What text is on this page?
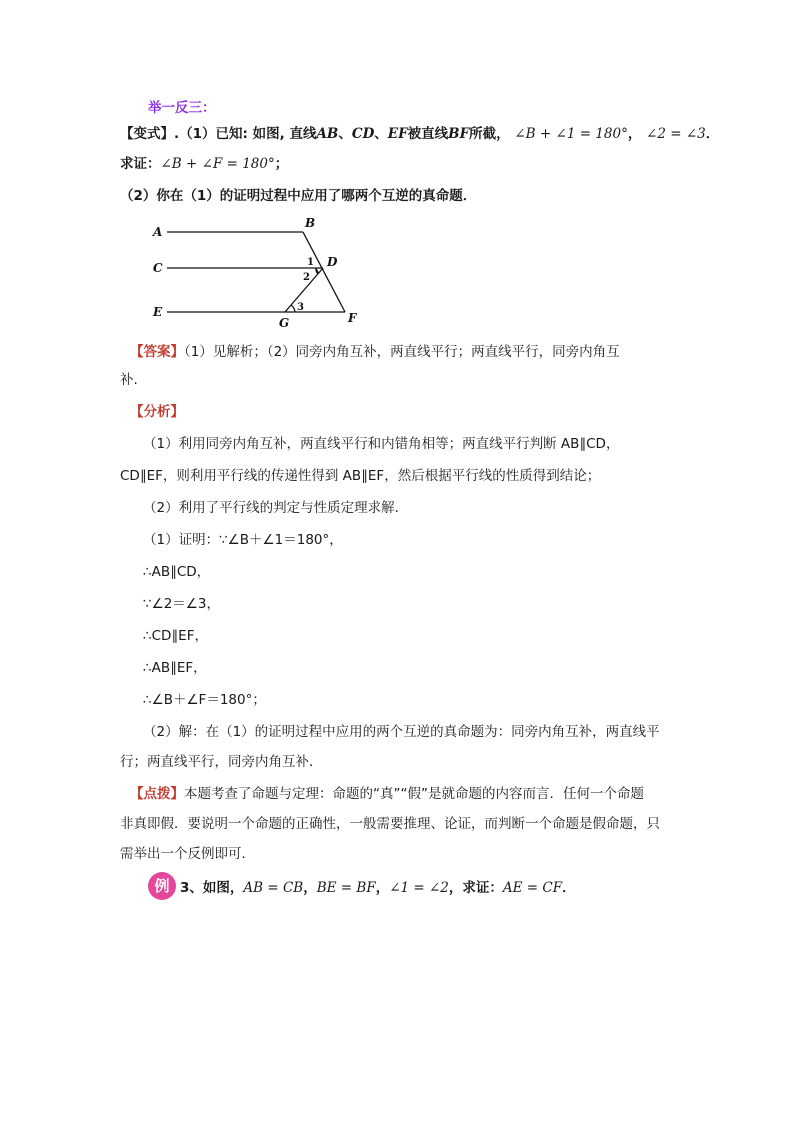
举一反三：
【变式】.（1）已知: 如图, 直线AB、CD、EF被直线BF所截， ∠B + ∠1 = 180°， ∠2 = ∠3．
求证：∠B + ∠F = 180°；
（2）你在（1）的证明过程中应用了哪两个互逆的真命题．
A
B
C	D
E	F
G
1
2
3
【答案】（1）见解析；（2）同旁内角互补，两直线平行；两直线平行，同旁内角互
补.
【分析】
（1）利用同旁内角互补，两直线平行和内错角相等；两直线平行判断 AB∥CD，
CD∥EF，则利用平行线的传递性得到 AB∥EF，然后根据平行线的性质得到结论；
（2）利用了平行线的判定与性质定理求解．
（1）证明：∵∠B＋∠1＝180°，
∴AB∥CD，
∵∠2＝∠3，
∴CD∥EF，
∴AB∥EF，
∴∠B＋∠F＝180°；
（2）解：在（1）的证明过程中应用的两个互逆的真命题为：同旁内角互补，两直线平
行；两直线平行，同旁内角互补．
【点拨】本题考查了命题与定理：命题的“真”“假”是就命题的内容而言．任何一个命题
非真即假．要说明一个命题的正确性，一般需要推理、论证，而判断一个命题是假命题，只
需举出一个反例即可．
例 3、如图，AB = CB，BE = BF，∠1 = ∠2，求证：AE = CF．
